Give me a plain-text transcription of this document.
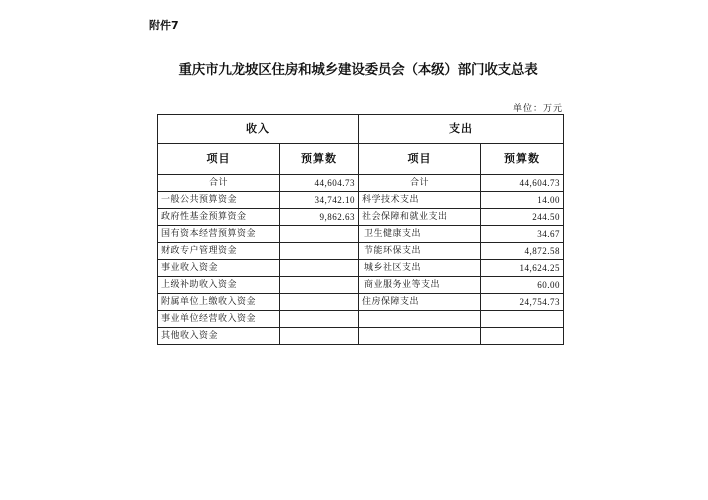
附件7
重庆市九龙坡区住房和城乡建设委员会（本级）部门收支总表
单位：万元
收入		支出	
项目	预算数	项目	预算数
合计	44,604.73	合计	44,604.73
一般公共预算资金	34,742.10	科学技术支出	14.00
政府性基金预算资金	9,862.63	社会保障和就业支出	244.50
国有资本经营预算资金		卫生健康支出	34.67
财政专户管理资金		节能环保支出	4,872.58
事业收入资金		城乡社区支出	14,624.25
上级补助收入资金		商业服务业等支出	60.00
附属单位上缴收入资金		住房保障支出	24,754.73
事业单位经营收入资金			
其他收入资金			
